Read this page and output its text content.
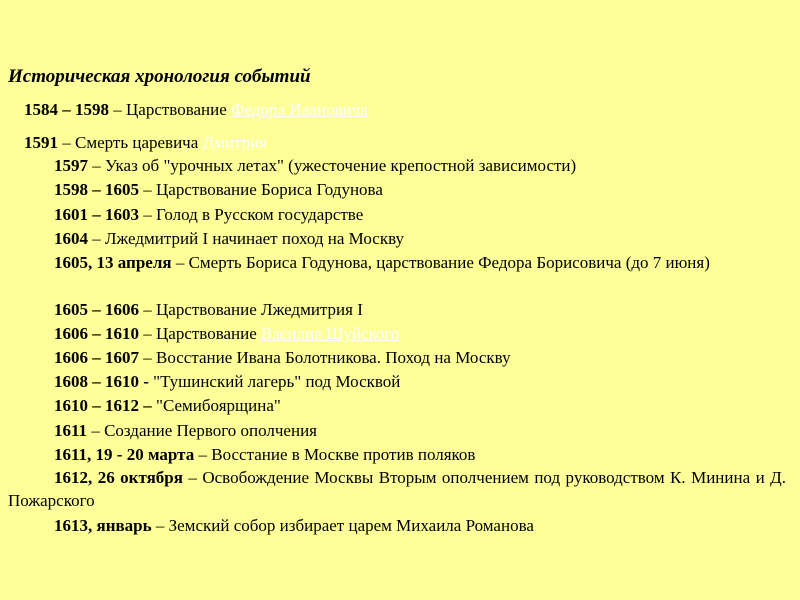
Историческая хронология событий
1584 – 1598 – Царствование Федора Ивановича
1591 – Смерть царевича Дмитрия
1597 – Указ об "урочных летах" (ужесточение крепостной зависимости)
1598 – 1605 – Царствование Бориса Годунова
1601 – 1603 – Голод в Русском государстве
1604 – Лжедмитрий I начинает поход на Москву
1605, 13 апреля – Смерть Бориса Годунова, царствование Федора Борисовича (до 7 июня)
1605 – 1606 – Царствование Лжедмитрия I
1606 – 1610 – Царствование Василия Шуйского
1606 – 1607 – Восстание Ивана Болотникова. Поход на Москву
1608 – 1610 - "Тушинский лагерь" под Москвой
1610 – 1612 – "Семибоярщина"
1611 – Создание Первого ополчения
1611, 19 - 20 марта – Восстание в Москве против поляков
1612, 26 октября – Освобождение Москвы Вторым ополчением под руководством К. Минина и Д. Пожарского
1613, январь – Земский собор избирает царем Михаила Романова
